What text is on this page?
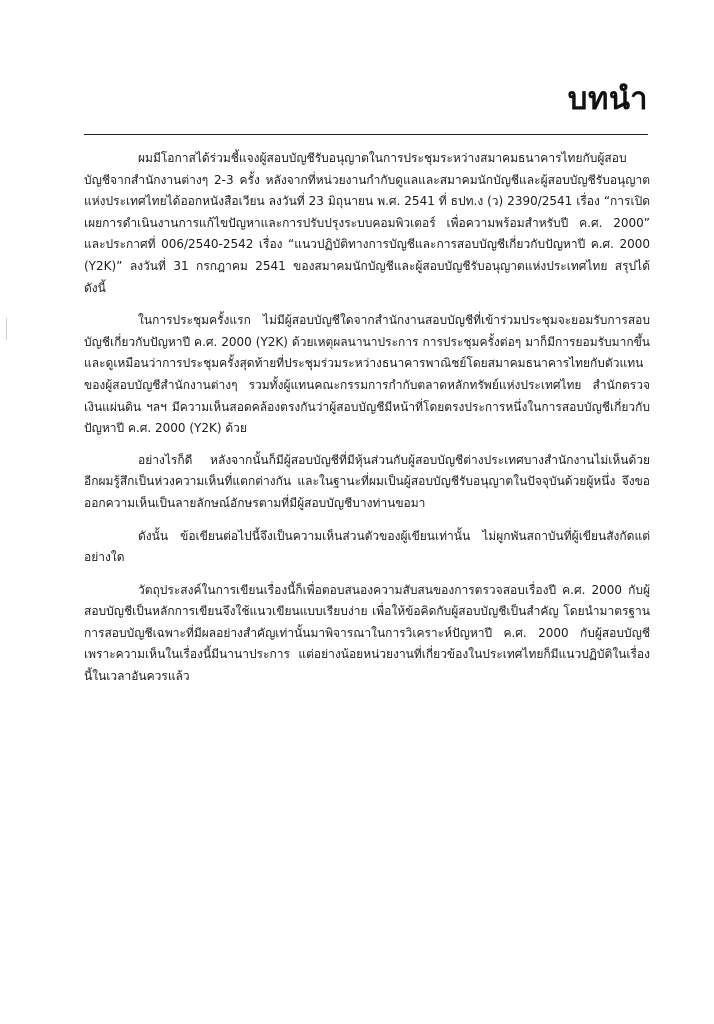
บทนำ

ผมมีโอกาสได้ร่วมชี้แจงผู้สอบบัญชีรับอนุญาตในการประชุมระหว่างสมาคมธนาคารไทยกับผู้สอบบัญชีจากสำนักงานต่างๆ 2-3 ครั้ง หลังจากที่หน่วยงานกำกับดูแลและสมาคมนักบัญชีและผู้สอบบัญชีรับอนุญาตแห่งประเทศไทยได้ออกหนังสือเวียน ลงวันที่ 23 มิถุนายน พ.ศ. 2541 ที่ ธปท.ง (ว) 2390/2541 เรื่อง “การเปิดเผยการดำเนินงานการแก้ไขปัญหาและการปรับปรุงระบบคอมพิวเตอร์ เพื่อความพร้อมสำหรับปี ค.ศ. 2000” และประกาศที่ 006/2540-2542 เรื่อง “แนวปฏิบัติทางการบัญชีและการสอบบัญชีเกี่ยวกับปัญหาปี ค.ศ. 2000 (Y2K)” ลงวันที่ 31 กรกฎาคม 2541 ของสมาคมนักบัญชีและผู้สอบบัญชีรับอนุญาตแห่งประเทศไทย สรุปได้ดังนี้

ในการประชุมครั้งแรก ไม่มีผู้สอบบัญชีใดจากสำนักงานสอบบัญชีที่เข้าร่วมประชุมจะยอมรับการสอบบัญชีเกี่ยวกับปัญหาปี ค.ศ. 2000 (Y2K) ด้วยเหตุผลนานาประการ การประชุมครั้งต่อๆ มาก็มีการยอมรับมากขึ้น และดูเหมือนว่าการประชุมครั้งสุดท้ายที่ประชุมร่วมระหว่างธนาคารพาณิชย์โดยสมาคมธนาคารไทยกับตัวแทนของผู้สอบบัญชีสำนักงานต่างๆ รวมทั้งผู้แทนคณะกรรมการกำกับตลาดหลักทรัพย์แห่งประเทศไทย สำนักตรวจเงินแผ่นดิน ฯลฯ มีความเห็นสอดคล้องตรงกันว่าผู้สอบบัญชีมีหน้าที่โดยตรงประการหนึ่งในการสอบบัญชีเกี่ยวกับปัญหาปี ค.ศ. 2000 (Y2K) ด้วย

อย่างไรก็ดี หลังจากนั้นก็มีผู้สอบบัญชีที่มีหุ้นส่วนกับผู้สอบบัญชีต่างประเทศบางสำนักงานไม่เห็นด้วยอีกผมรู้สึกเป็นห่วงความเห็นที่แตกต่างกัน และในฐานะที่ผมเป็นผู้สอบบัญชีรับอนุญาตในปัจจุบันด้วยผู้หนึ่ง จึงขอออกความเห็นเป็นลายลักษณ์อักษรตามที่มีผู้สอบบัญชีบางท่านขอมา

ดังนั้น ข้อเขียนต่อไปนี้จึงเป็นความเห็นส่วนตัวของผู้เขียนเท่านั้น ไม่ผูกพันสถาบันที่ผู้เขียนสังกัดแต่อย่างใด

วัตถุประสงค์ในการเขียนเรื่องนี้ก็เพื่อตอบสนองความสับสนของการตรวจสอบเรื่องปี ค.ศ. 2000 กับผู้สอบบัญชีเป็นหลักการเขียนจึงใช้แนวเขียนแบบเรียบง่าย เพื่อให้ข้อคิดกับผู้สอบบัญชีเป็นสำคัญ โดยนำมาตรฐานการสอบบัญชีเฉพาะที่มีผลอย่างสำคัญเท่านั้นมาพิจารณาในการวิเคราะห์ปัญหาปี ค.ศ. 2000 กับผู้สอบบัญชี เพราะความเห็นในเรื่องนี้มีนานาประการ แต่อย่างน้อยหน่วยงานที่เกี่ยวข้องในประเทศไทยก็มีแนวปฏิบัติในเรื่องนี้ในเวลาอันควรแล้ว
